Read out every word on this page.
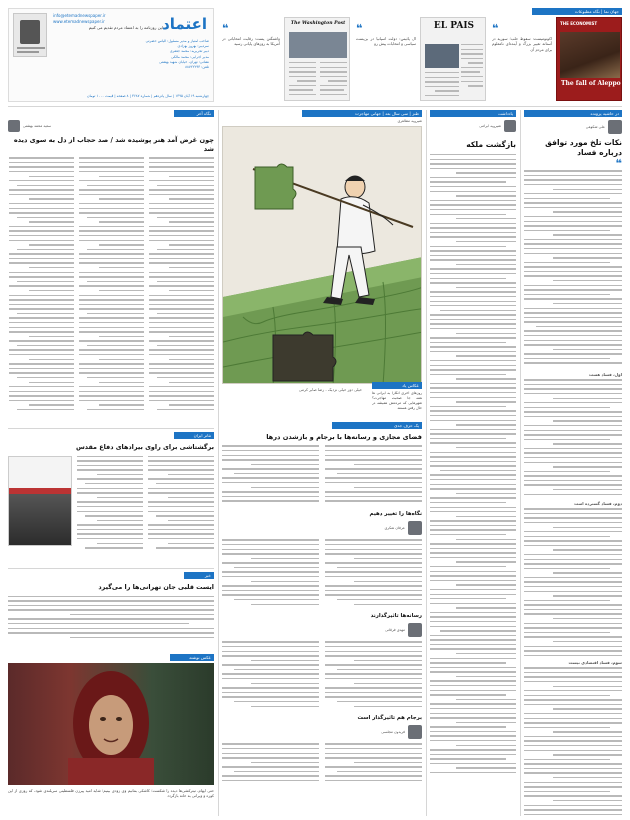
info@etemadnewspaper.ir
www.etemadnewspaper.ir
این روزنامه را به اعتماد مردم تقدیم می کنیم اعتماد
صاحب امتیاز و مدیر مسئول: الیاس حضرتی
سردبیر: بهروز بهزادی
دبیر تحریریه: محمد جعفری
مدیر اجرایی: محمد مالکی
نشانی: تهران، خیابان شهید بهشتی
تلفن: ۸۸۷۲۲۲۹۳
چهارشنبه ۱۹ آبان ۱۳۹۵ | سال پانزدهم | شماره ۳۶۸۷ | ۸ صفحه | قیمت ۱۰۰۰ تومان
جهان نما | نگاه مطبوعات
THE ECONOMIST
The fall of Aleppo
❝
اکونومیست: سقوط حلب؛ سوریه در آستانه تغییر بزرگ و آینده‌ای نامعلوم برای مردم آن
EL PAIS
❝
ال پائیس: دولت اسپانیا در بن‌بست سیاسی و انتخابات پیش رو
The Washington Post
❝
واشنگتن پست: رقابت انتخاباتی در آمریکا به روزهای پایانی رسید
در حاشیه پرونده
علی شکوهی
نکات تلخ مورد توافق درباره فساد
❝
اول، فساد هست
دوم، فساد گسترده است
سوم، فساد اقتصادی نیست
یادداشت
شیرویه ابرامی
بازگشت ملکه
طنز | سی سال بعد | جهانی مهاجرت
شیرویه مظاهری
خیلی دور خیلی نزدیک - رضا صابر کرمی
عکاس یاد
روزهای آخری آنکارا به ایرانی ها همه جا صحبت مهاجرت؟ شهرهایی که مردمش همیشه در حال رفتن هستند
یک حرف جدی
فضای مجازی و رسانه‌ها با برجام و بازشدن درها
نگاه‌ها را تغییر دهیم
عرفان شکری
رسانه‌ها تاثیرگذارند
مهدی فرقانی
برجام هم تاثیرگذار است
فریدون مجلسی
نگاه آخر
سعید محمد بهشتی
چون غرض آمد هنر پوشیده شد / صد حجاب از دل به سوی دیده شد
تئاتر ایران
برگشتاشی برای راوی بیرادهای دفاع مقدس
خبر
ایست قلبی جان تهرانی‌ها را می‌گیرد
عکس نوشته
حتی ایهام، تیترکشی‌ها دیده را شکست؛ کاشکی بمانیم وی زودی بینیم؛ شاید امید پیرزن فلسطینی سربلندی شود، که روزی از این کوره و ویرانی به خانه بازگردد
